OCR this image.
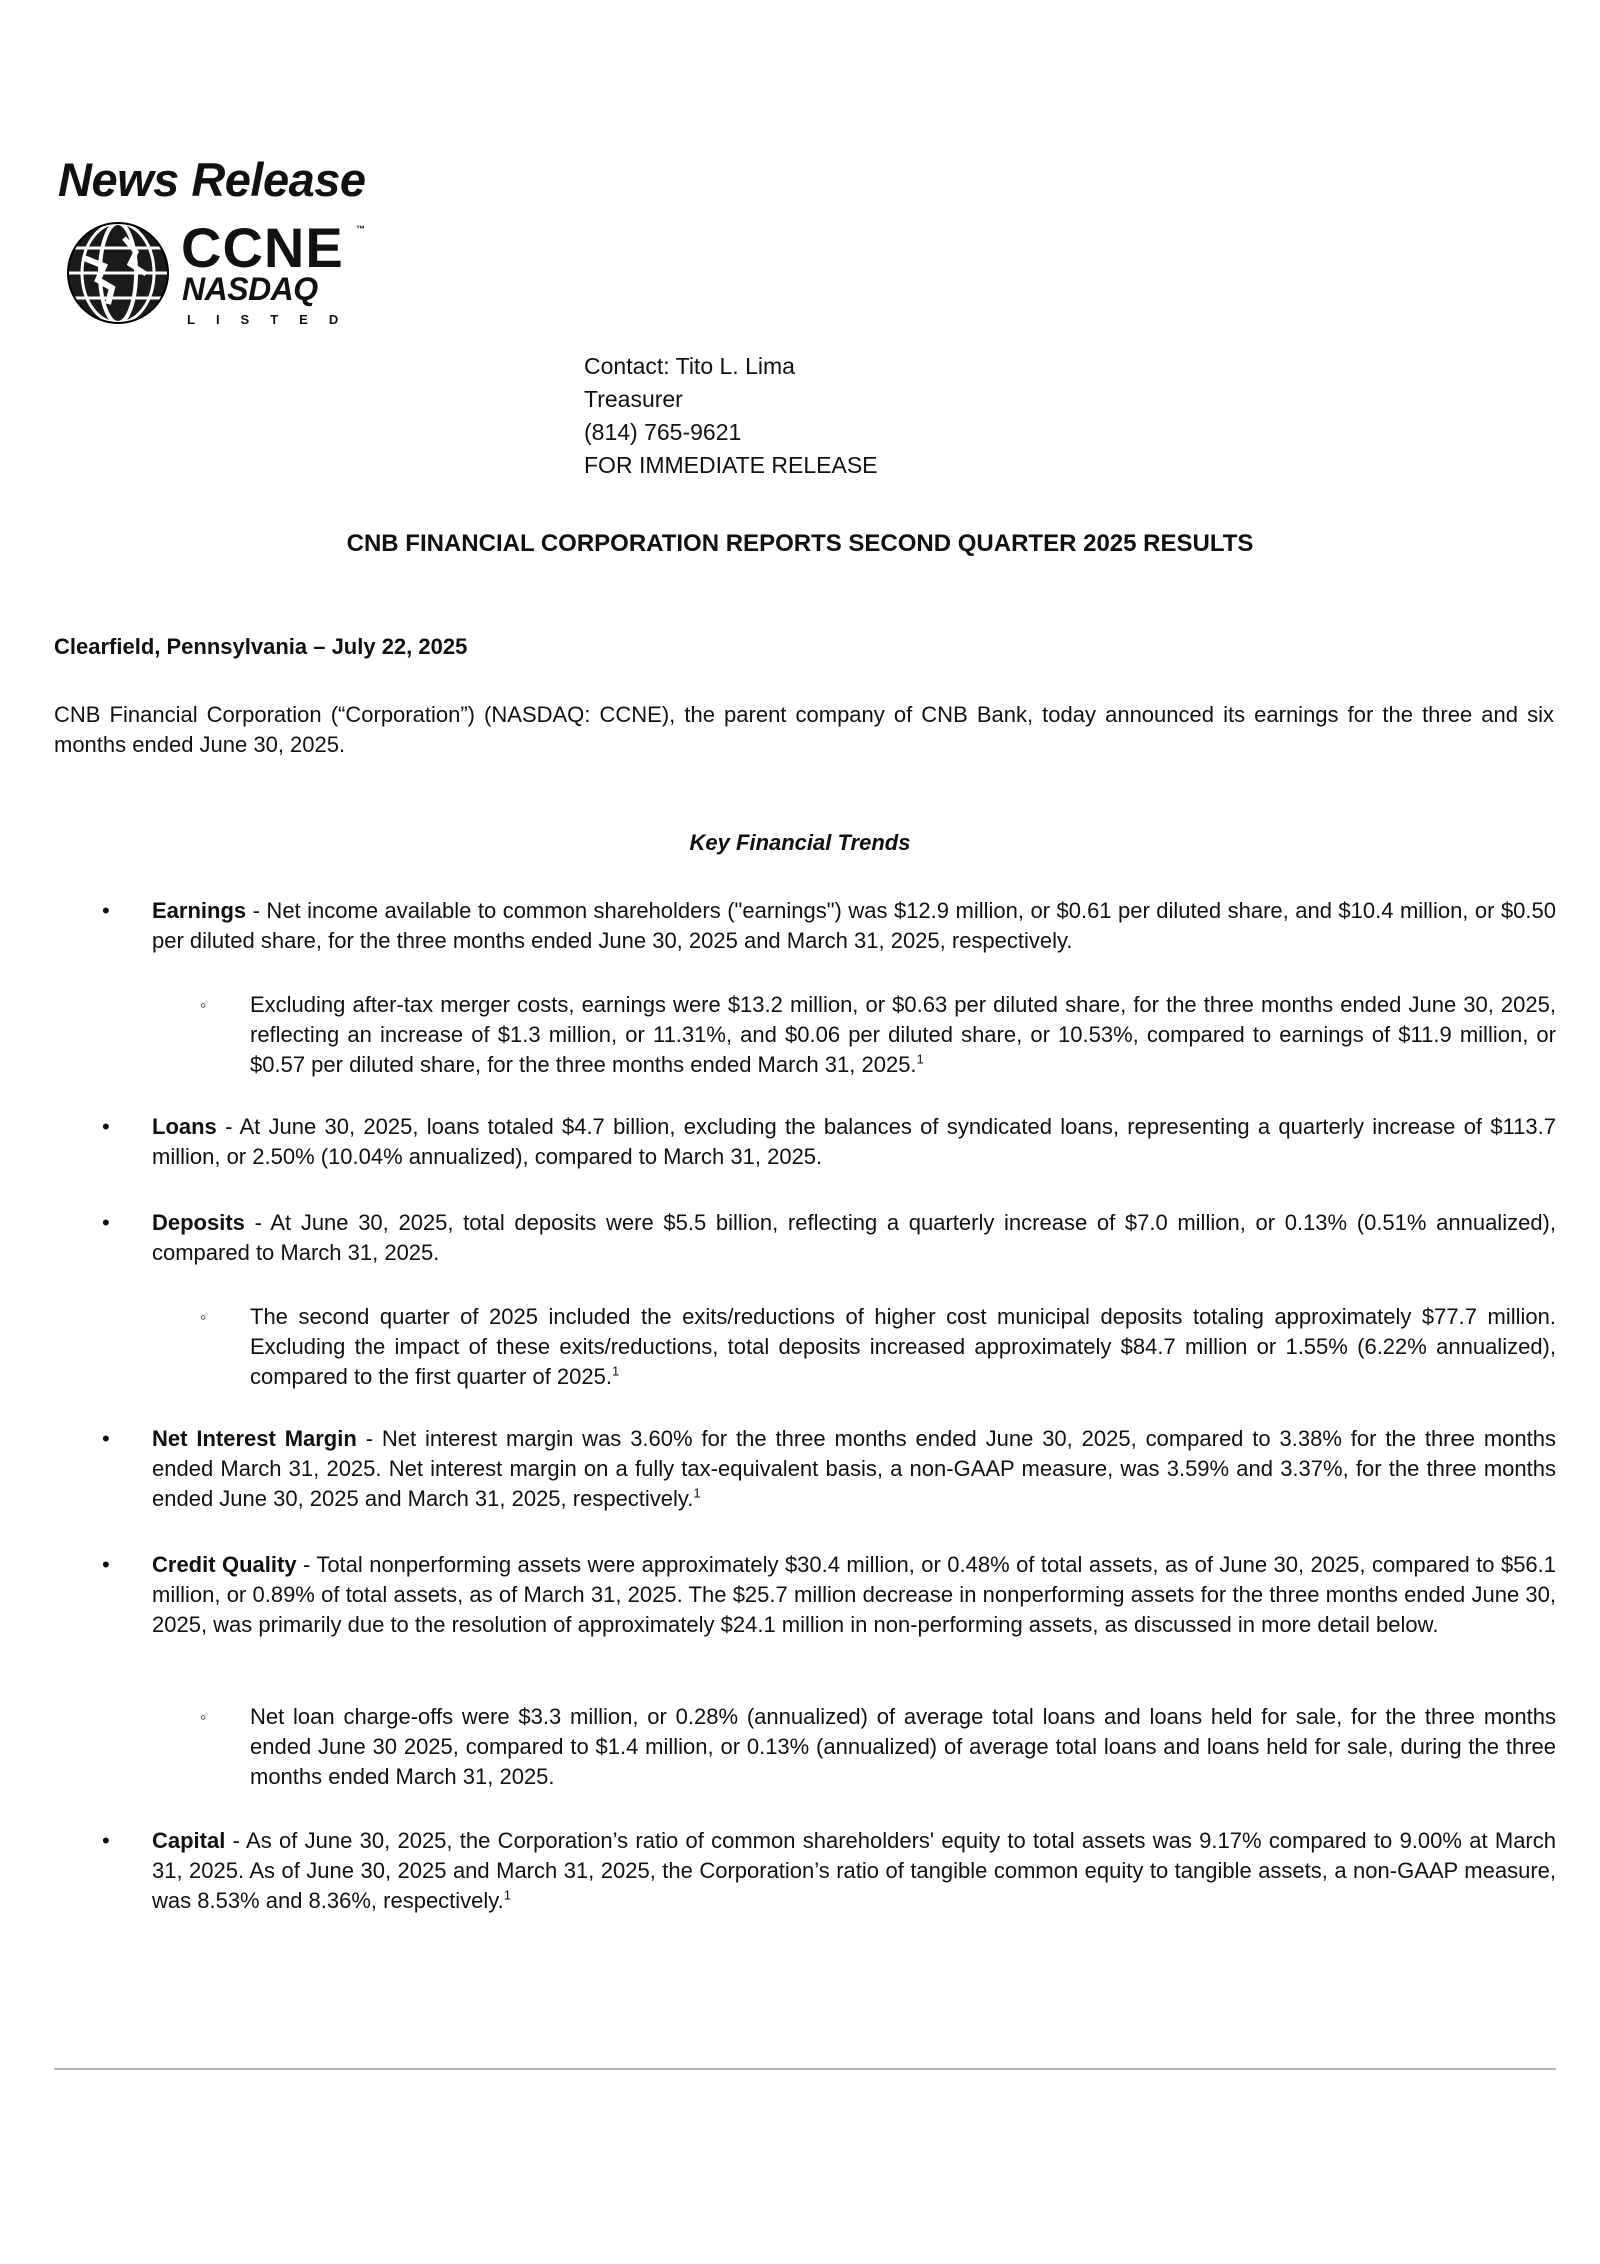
News Release
CCNE ™
NASDAQ
LISTED
Contact: Tito L. Lima
Treasurer
(814) 765-9621
FOR IMMEDIATE RELEASE
CNB FINANCIAL CORPORATION REPORTS SECOND QUARTER 2025 RESULTS
Clearfield, Pennsylvania – July 22, 2025
CNB Financial Corporation (“Corporation”) (NASDAQ: CCNE), the parent company of CNB Bank, today announced its earnings for the three and six months ended June 30, 2025.
Key Financial Trends
• Earnings - Net income available to common shareholders ("earnings") was $12.9 million, or $0.61 per diluted share, and $10.4 million, or $0.50 per diluted share, for the three months ended June 30, 2025 and March 31, 2025, respectively.
◦ Excluding after-tax merger costs, earnings were $13.2 million, or $0.63 per diluted share, for the three months ended June 30, 2025, reflecting an increase of $1.3 million, or 11.31%, and $0.06 per diluted share, or 10.53%, compared to earnings of $11.9 million, or $0.57 per diluted share, for the three months ended March 31, 2025.$^1$
• Loans - At June 30, 2025, loans totaled $4.7 billion, excluding the balances of syndicated loans, representing a quarterly increase of $113.7 million, or 2.50% (10.04% annualized), compared to March 31, 2025.
• Deposits - At June 30, 2025, total deposits were $5.5 billion, reflecting a quarterly increase of $7.0 million, or 0.13% (0.51% annualized), compared to March 31, 2025.
◦ The second quarter of 2025 included the exits/reductions of higher cost municipal deposits totaling approximately $77.7 million. Excluding the impact of these exits/reductions, total deposits increased approximately $84.7 million or 1.55% (6.22% annualized), compared to the first quarter of 2025.$^1$
• Net Interest Margin - Net interest margin was 3.60% for the three months ended June 30, 2025, compared to 3.38% for the three months ended March 31, 2025. Net interest margin on a fully tax-equivalent basis, a non-GAAP measure, was 3.59% and 3.37%, for the three months ended June 30, 2025 and March 31, 2025, respectively.$^1$
• Credit Quality - Total nonperforming assets were approximately $30.4 million, or 0.48% of total assets, as of June 30, 2025, compared to $56.1 million, or 0.89% of total assets, as of March 31, 2025. The $25.7 million decrease in nonperforming assets for the three months ended June 30, 2025, was primarily due to the resolution of approximately $24.1 million in non-performing assets, as discussed in more detail below.
◦ Net loan charge-offs were $3.3 million, or 0.28% (annualized) of average total loans and loans held for sale, for the three months ended June 30 2025, compared to $1.4 million, or 0.13% (annualized) of average total loans and loans held for sale, during the three months ended March 31, 2025.
• Capital - As of June 30, 2025, the Corporation’s ratio of common shareholders' equity to total assets was 9.17% compared to 9.00% at March 31, 2025. As of June 30, 2025 and March 31, 2025, the Corporation’s ratio of tangible common equity to tangible assets, a non-GAAP measure, was 8.53% and 8.36%, respectively.$^1$
